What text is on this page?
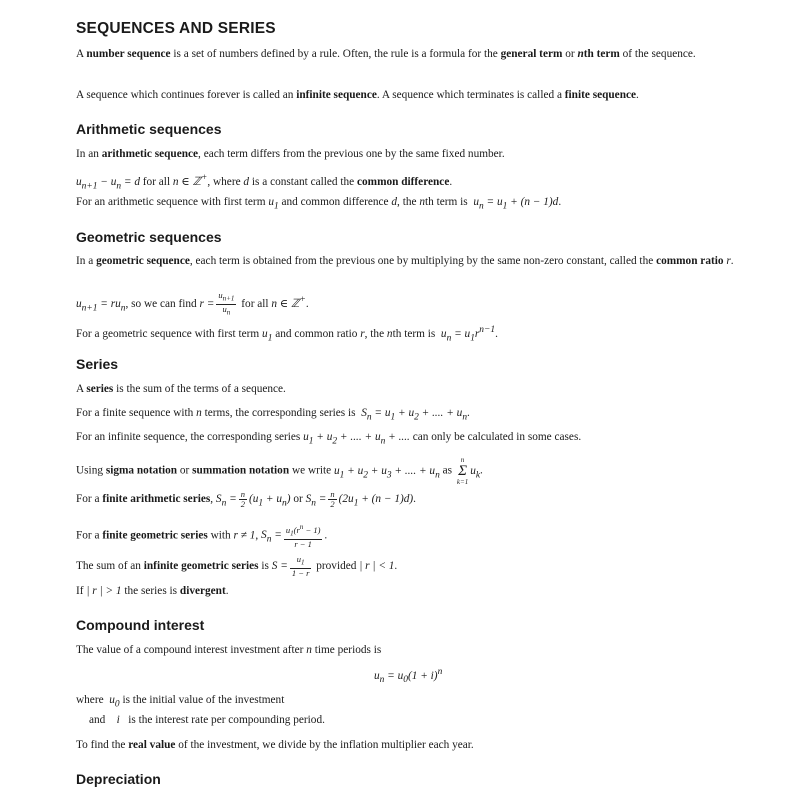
SEQUENCES AND SERIES
A number sequence is a set of numbers defined by a rule. Often, the rule is a formula for the general term or nth term of the sequence.
A sequence which continues forever is called an infinite sequence. A sequence which terminates is called a finite sequence.
Arithmetic sequences
In an arithmetic sequence, each term differs from the previous one by the same fixed number.
$u_{n+1} - u_n = d$ for all n ∈ ℤ+, where d is a constant called the common difference.
For an arithmetic sequence with first term $u_1$ and common difference d, the nth term is  $u_n = u_1 + (n - 1)d$.
Geometric sequences
In a geometric sequence, each term is obtained from the previous one by multiplying by the same non-zero constant, called the common ratio r.
$u_{n+1} = ru_n$, so we can find $r = \frac{u_{n+1}}{u_n}$ for all n ∈ ℤ+.
For a geometric sequence with first term $u_1$ and common ratio r, the nth term is  $u_n = u_1r^{n-1}$.
Series
A series is the sum of the terms of a sequence.
For a finite sequence with n terms, the corresponding series is  $S_n = u_1 + u_2$ + .... + $u_n$.
For an infinite sequence, the corresponding series $u_1 + u_2$ + .... + $u_n$ + .... can only be calculated in some cases.
Using sigma notation or summation notation we write $u_1 + u_2 + u_3$ + .... + $u_n$ as n
Σ
$k=1u_k$.
For a finite arithmetic series, $S_n = \frac{n}{2} (u_1 + u_n)$ or $S_n = \frac{n}{2} (2u_1 + (n - 1)d)$.
For a finite geometric series with r ≠ 1, $S_n = \frac{u_1(r^n - 1)}{r - 1}$ .
The sum of an infinite geometric series is $S = \frac{u_1}{1 - r}$ provided | r | < 1.
If | r | > 1 the series is divergent.
Compound interest
The value of a compound interest investment after n time periods is
$u_n = u_0(1 + i)^n$
where $u_0$ is the initial value of the investment
and i   is the interest rate per compounding period.
To find the real value of the investment, we divide by the inflation multiplier each year.
Depreciation
